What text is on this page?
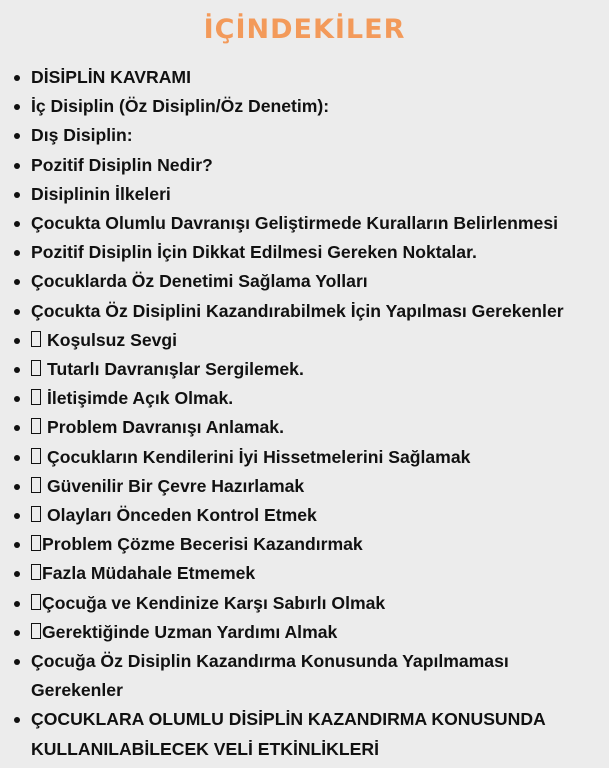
İÇİNDEKİLER
DİSİPLİN KAVRAMI
İç Disiplin (Öz Disiplin/Öz Denetim):
Dış Disiplin:
Pozitif Disiplin Nedir?
Disiplinin İlkeleri
Çocukta Olumlu Davranışı Geliştirmede Kuralların Belirlenmesi
Pozitif Disiplin İçin Dikkat Edilmesi Gereken Noktalar.
Çocuklarda Öz Denetimi Sağlama Yolları
Çocukta Öz Disiplini Kazandırabilmek İçin Yapılması Gerekenler
Koşulsuz Sevgi
Tutarlı Davranışlar Sergilemek.
İletişimde Açık Olmak.
Problem Davranışı Anlamak.
Çocukların Kendilerini İyi Hissetmelerini Sağlamak
Güvenilir Bir Çevre Hazırlamak
Olayları Önceden Kontrol Etmek
Problem Çözme Becerisi Kazandırmak
Fazla Müdahale Etmemek
Çocuğa ve Kendinize Karşı Sabırlı Olmak
Gerektiğinde Uzman Yardımı Almak
Çocuğa Öz Disiplin Kazandırma Konusunda Yapılmaması Gerekenler
ÇOCUKLARA OLUMLU DİSİPLİN KAZANDIRMA KONUSUNDA KULLANILABİLECEK VELİ ETKİNLİKLERİ
